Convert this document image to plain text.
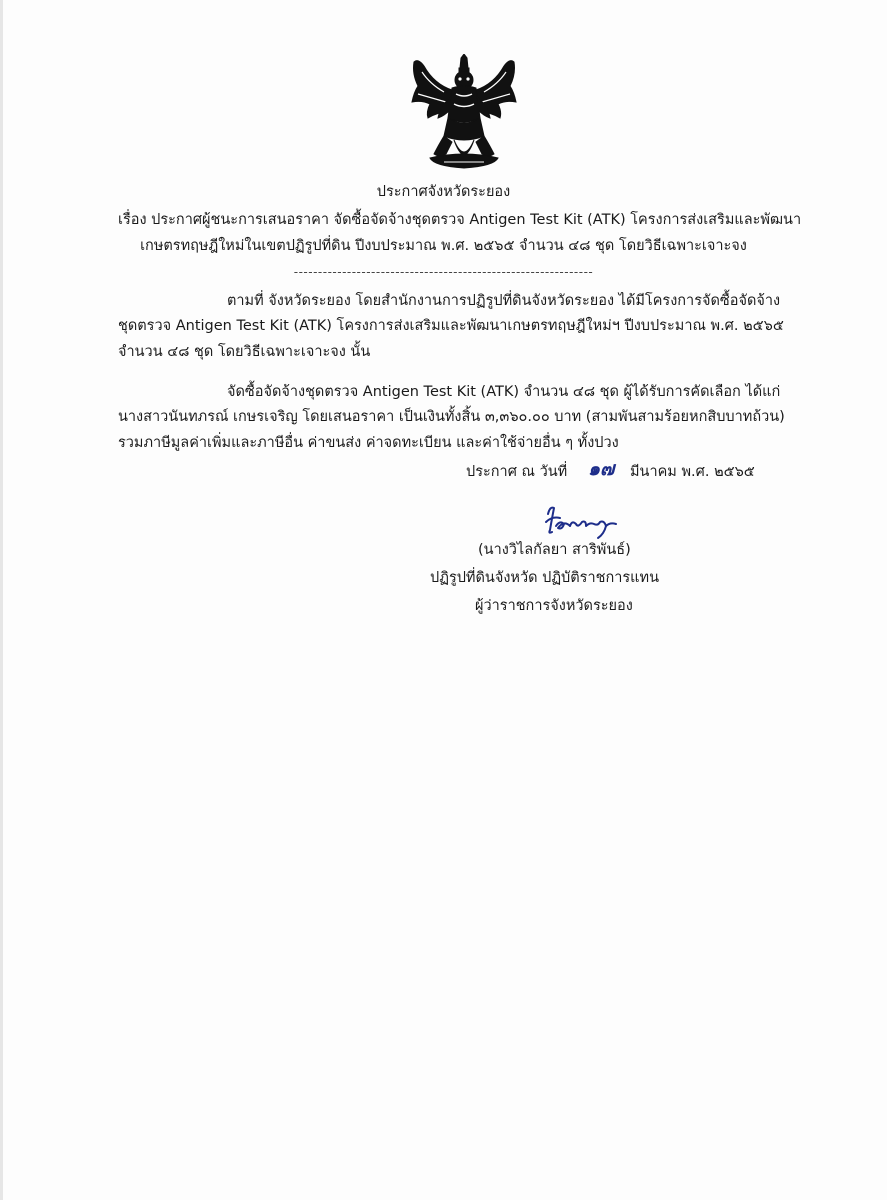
ประกาศจังหวัดระยอง
เรื่อง ประกาศผู้ชนะการเสนอราคา จัดซื้อจัดจ้างชุดตรวจ Antigen Test Kit (ATK) โครงการส่งเสริมและพัฒนา
เกษตรทฤษฎีใหม่ในเขตปฏิรูปที่ดิน ปีงบประมาณ พ.ศ. ๒๕๖๕ จำนวน ๔๘ ชุด โดยวิธีเฉพาะเจาะจง
--------------------------------------------------------------
ตามที่ จังหวัดระยอง โดยสำนักงานการปฏิรูปที่ดินจังหวัดระยอง ได้มีโครงการจัดซื้อจัดจ้าง
ชุดตรวจ Antigen Test Kit (ATK) โครงการส่งเสริมและพัฒนาเกษตรทฤษฎีใหม่ฯ ปีงบประมาณ พ.ศ. ๒๕๖๕
จำนวน ๔๘ ชุด โดยวิธีเฉพาะเจาะจง นั้น
จัดซื้อจัดจ้างชุดตรวจ Antigen Test Kit (ATK) จำนวน ๔๘ ชุด ผู้ได้รับการคัดเลือก ได้แก่
นางสาวนันทภรณ์ เกษรเจริญ โดยเสนอราคา เป็นเงินทั้งสิ้น ๓,๓๖๐.๐๐ บาท (สามพันสามร้อยหกสิบบาทถ้วน)
รวมภาษีมูลค่าเพิ่มและภาษีอื่น ค่าขนส่ง ค่าจดทะเบียน และค่าใช้จ่ายอื่น ๆ ทั้งปวง
ประกาศ ณ วันที่ ๑๗ มีนาคม พ.ศ. ๒๕๖๕
(นางวิไลกัลยา สาริพันธ์)
ปฏิรูปที่ดินจังหวัด ปฏิบัติราชการแทน
ผู้ว่าราชการจังหวัดระยอง
